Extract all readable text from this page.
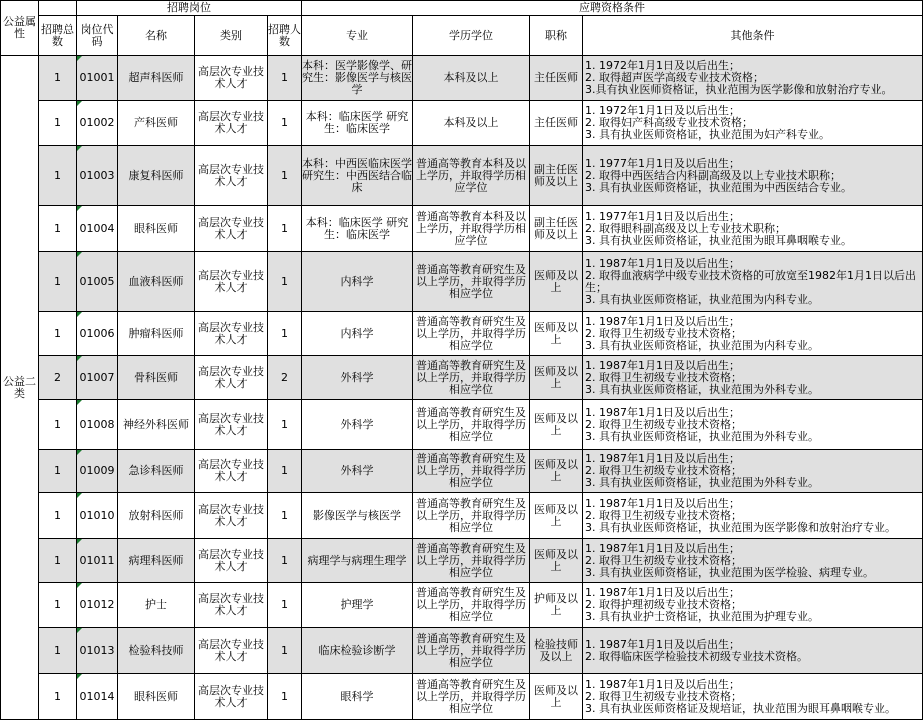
公益属性		招聘岗位				应聘资格条件			
	招聘总数	岗位代码	名称	类别	招聘人数	专业	学历学位	职称	其他条件
公益二类	1	01001	超声科医师	高层次专业技术人才	1	本科：医学影像学、研究生：影像医学与核医学	本科及以上	主任医师	1. 1972年1月1日及以后出生；
2. 取得超声医学高级专业技术资格；
3.具有执业医师资格证，执业范围为医学影像和放射治疗专业。

	1	01002	产科医师	高层次专业技术人才	1	本科：临床医学 研究生：临床医学	本科及以上	主任医师	1. 1972年1月1日及以后出生；
2. 取得妇产科高级专业技术资格；
3. 具有执业医师资格证，执业范围为妇产科专业。

	1	01003	康复科医师	高层次专业技术人才	1	本科：中西医临床医学 研究生：中西医结合临床	普通高等教育本科及以上学历，并取得学历相应学位	副主任医师及以上	1. 1977年1月1日及以后出生；
2. 取得中西医结合内科副高级及以上专业技术职称；
3. 具有执业医师资格证，执业范围为中西医结合专业。

	1	01004	眼科医师	高层次专业技术人才	1	本科：临床医学 研究生：临床医学	普通高等教育本科及以上学历，并取得学历相应学位	副主任医师及以上	1. 1977年1月1日及以后出生；
2. 取得眼科副高级及以上专业技术职称；
3. 具有执业医师资格证，执业范围为眼耳鼻咽喉专业。

	1	01005	血液科医师	高层次专业技术人才	1	内科学	普通高等教育研究生及以上学历，并取得学历相应学位	医师及以上	1. 1987年1月1日及以后出生；
2. 取得血液病学中级专业技术资格的可放宽至1982年1月1日以后出生；
3. 具有执业医师资格证，执业范围为内科专业。

	1	01006	肿瘤科医师	高层次专业技术人才	1	内科学	普通高等教育研究生及以上学历，并取得学历相应学位	医师及以上	1. 1987年1月1日及以后出生；
2. 取得卫生初级专业技术资格；
3. 具有执业医师资格证，执业范围为内科专业。

	2	01007	骨科医师	高层次专业技术人才	2	外科学	普通高等教育研究生及以上学历，并取得学历相应学位	医师及以上	1. 1987年1月1日及以后出生；
2. 取得卫生初级专业技术资格；
3. 具有执业医师资格证，执业范围为外科专业。

	1	01008	神经外科医师	高层次专业技术人才	1	外科学	普通高等教育研究生及以上学历，并取得学历相应学位	医师及以上	1. 1987年1月1日及以后出生；
2. 取得卫生初级专业技术资格；
3. 具有执业医师资格证，执业范围为外科专业。

	1	01009	急诊科医师	高层次专业技术人才	1	外科学	普通高等教育研究生及以上学历，并取得学历相应学位	医师及以上	1. 1987年1月1日及以后出生；
2. 取得卫生初级专业技术资格；
3. 具有执业医师资格证，执业范围为外科专业。

	1	01010	放射科医师	高层次专业技术人才	1	影像医学与核医学	普通高等教育研究生及以上学历，并取得学历相应学位	医师及以上	1. 1987年1月1日及以后出生；
2. 取得卫生初级专业技术资格；
3. 具有执业医师资格证，执业范围为医学影像和放射治疗专业。

	1	01011	病理科医师	高层次专业技术人才	1	病理学与病理生理学	普通高等教育研究生及以上学历，并取得学历相应学位	医师及以上	1. 1987年1月1日及以后出生；
2. 取得卫生初级专业技术资格；
3. 具有执业医师资格证，执业范围为医学检验、病理专业。

	1	01012	护士	高层次专业技术人才	1	护理学	普通高等教育研究生及以上学历，并取得学历相应学位	护师及以上	1. 1987年1月1日及以后出生；
2. 取得护理初级专业技术资格；
3. 具有执业护士资格证，执业范围为护理专业。

	1	01013	检验科技师	高层次专业技术人才	1	临床检验诊断学	普通高等教育研究生及以上学历，并取得学历相应学位	检验技师及以上	1. 1987年1月1日及以后出生；
2. 取得临床医学检验技术初级专业技术资格。

	1	01014	眼科医师	高层次专业技术人才	1	眼科学	普通高等教育研究生及以上学历，并取得学历相应学位	医师及以上	1. 1987年1月1日及以后出生；
2. 取得卫生初级专业技术资格；
3. 具有执业医师资格证及规培证，执业范围为眼耳鼻咽喉专业。
